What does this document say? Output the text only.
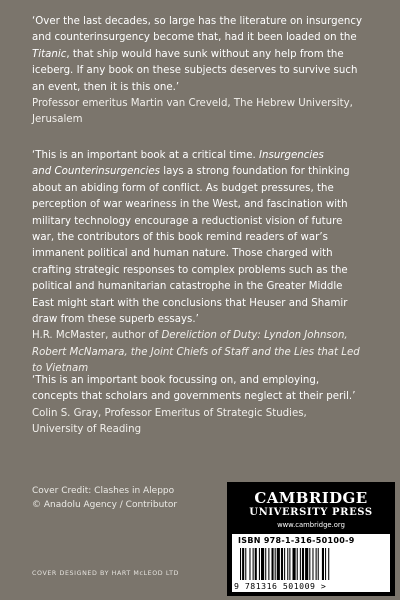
‘Over the last decades, so large has the literature on insurgency
and counterinsurgency become that, had it been loaded on the
Titanic, that ship would have sunk without any help from the
iceberg. If any book on these subjects deserves to survive such
an event, then it is this one.’
Professor emeritus Martin van Creveld, The Hebrew University,
Jerusalem
‘This is an important book at a critical time. Insurgencies
and Counterinsurgencies lays a strong foundation for thinking
about an abiding form of conflict. As budget pressures, the
perception of war weariness in the West, and fascination with
military technology encourage a reductionist vision of future
war, the contributors of this book remind readers of war’s
immanent political and human nature. Those charged with
crafting strategic responses to complex problems such as the
political and humanitarian catastrophe in the Greater Middle
East might start with the conclusions that Heuser and Shamir
draw from these superb essays.’
H.R. McMaster, author of Dereliction of Duty: Lyndon Johnson,
Robert McNamara, the Joint Chiefs of Staff and the Lies that Led
to Vietnam
‘This is an important book focussing on, and employing,
concepts that scholars and governments neglect at their peril.’
Colin S. Gray, Professor Emeritus of Strategic Studies,
University of Reading
Cover Credit: Clashes in Aleppo
© Anadolu Agency / Contributor
COVER DESIGNED BY HART McLEOD LTD
CAMBRIDGE
UNIVERSITY PRESS
www.cambridge.org
ISBN 978-1-316-50100-9
9 781316 501009 >
